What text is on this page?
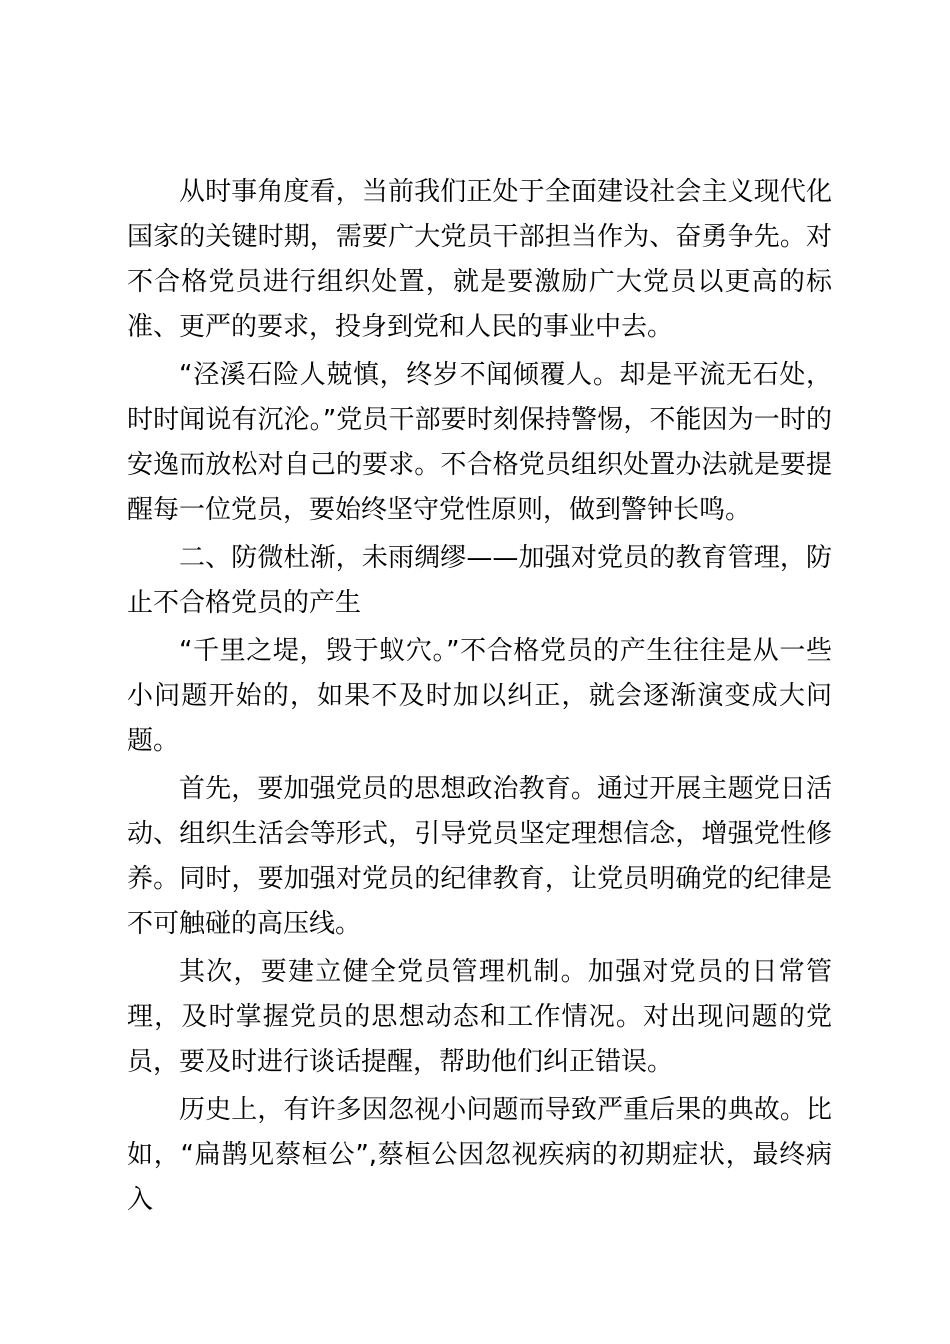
从时事角度看，当前我们正处于全面建设社会主义现代化国家的关键时期，需要广大党员干部担当作为、奋勇争先。对不合格党员进行组织处置，就是要激励广大党员以更高的标准、更严的要求，投身到党和人民的事业中去。

“泾溪石险人兢慎，终岁不闻倾覆人。却是平流无石处，时时闻说有沉沦。”党员干部要时刻保持警惕，不能因为一时的安逸而放松对自己的要求。不合格党员组织处置办法就是要提醒每一位党员，要始终坚守党性原则，做到警钟长鸣。

二、防微杜渐，未雨绸缪——加强对党员的教育管理，防止不合格党员的产生

“千里之堤，毁于蚁穴。”不合格党员的产生往往是从一些小问题开始的，如果不及时加以纠正，就会逐渐演变成大问题。

首先，要加强党员的思想政治教育。通过开展主题党日活动、组织生活会等形式，引导党员坚定理想信念，增强党性修养。同时，要加强对党员的纪律教育，让党员明确党的纪律是不可触碰的高压线。

其次，要建立健全党员管理机制。加强对党员的日常管理，及时掌握党员的思想动态和工作情况。对出现问题的党员，要及时进行谈话提醒，帮助他们纠正错误。

历史上，有许多因忽视小问题而导致严重后果的典故。比如，“扁鹊见蔡桓公”,蔡桓公因忽视疾病的初期症状，最终病入
